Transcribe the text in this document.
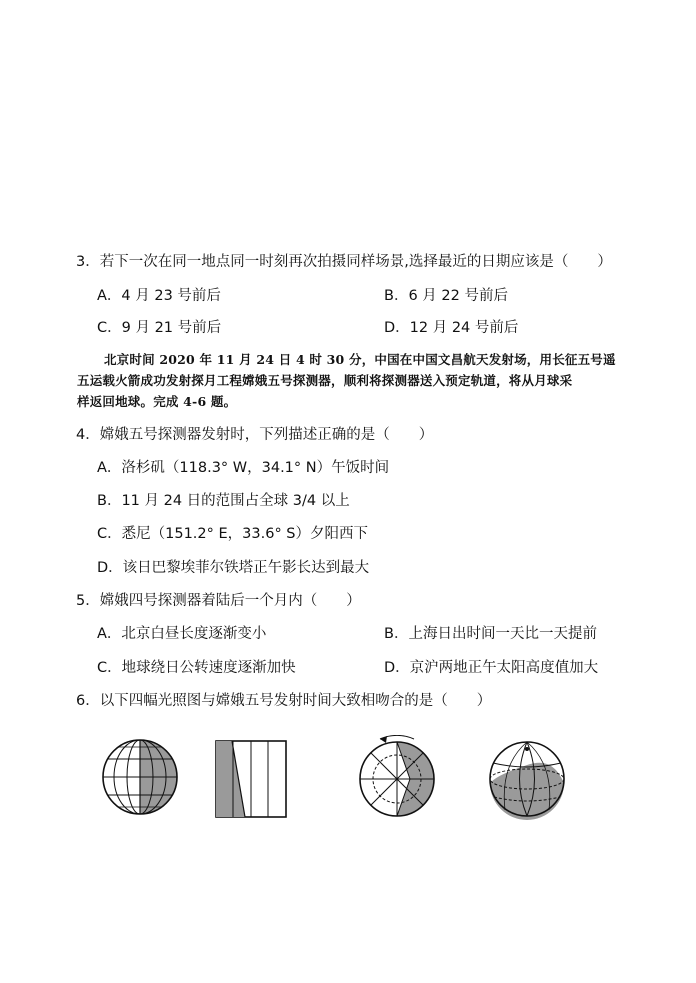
3．若下一次在同一地点同一时刻再次拍摄同样场景,选择最近的日期应该是（　　）
A．4 月 23 号前后	B．6 月 22 号前后
C．9 月 21 号前后	D．12 月 24 号前后
北京时间 2020 年 11 月 24 日 4 时 30 分，中国在中国文昌航天发射场，用长征五号遥
五运载火箭成功发射探月工程嫦娥五号探测器，顺利将探测器送入预定轨道，将从月球采
样返回地球。完成 4-6 题。
4．嫦娥五号探测器发射时，下列描述正确的是（　　）
A．洛杉矶（118.3° W，34.1° N）午饭时间
B．11 月 24 日的范围占全球 3/4 以上
C．悉尼（151.2° E，33.6° S）夕阳西下
D．该日巴黎埃菲尔铁塔正午影长达到最大
5．嫦娥四号探测器着陆后一个月内（　　）
A．北京白昼长度逐渐变小	B．上海日出时间一天比一天提前
C．地球绕日公转速度逐渐加快	D．京沪两地正午太阳高度值加大
6．以下四幅光照图与嫦娥五号发射时间大致相吻合的是（　　）
